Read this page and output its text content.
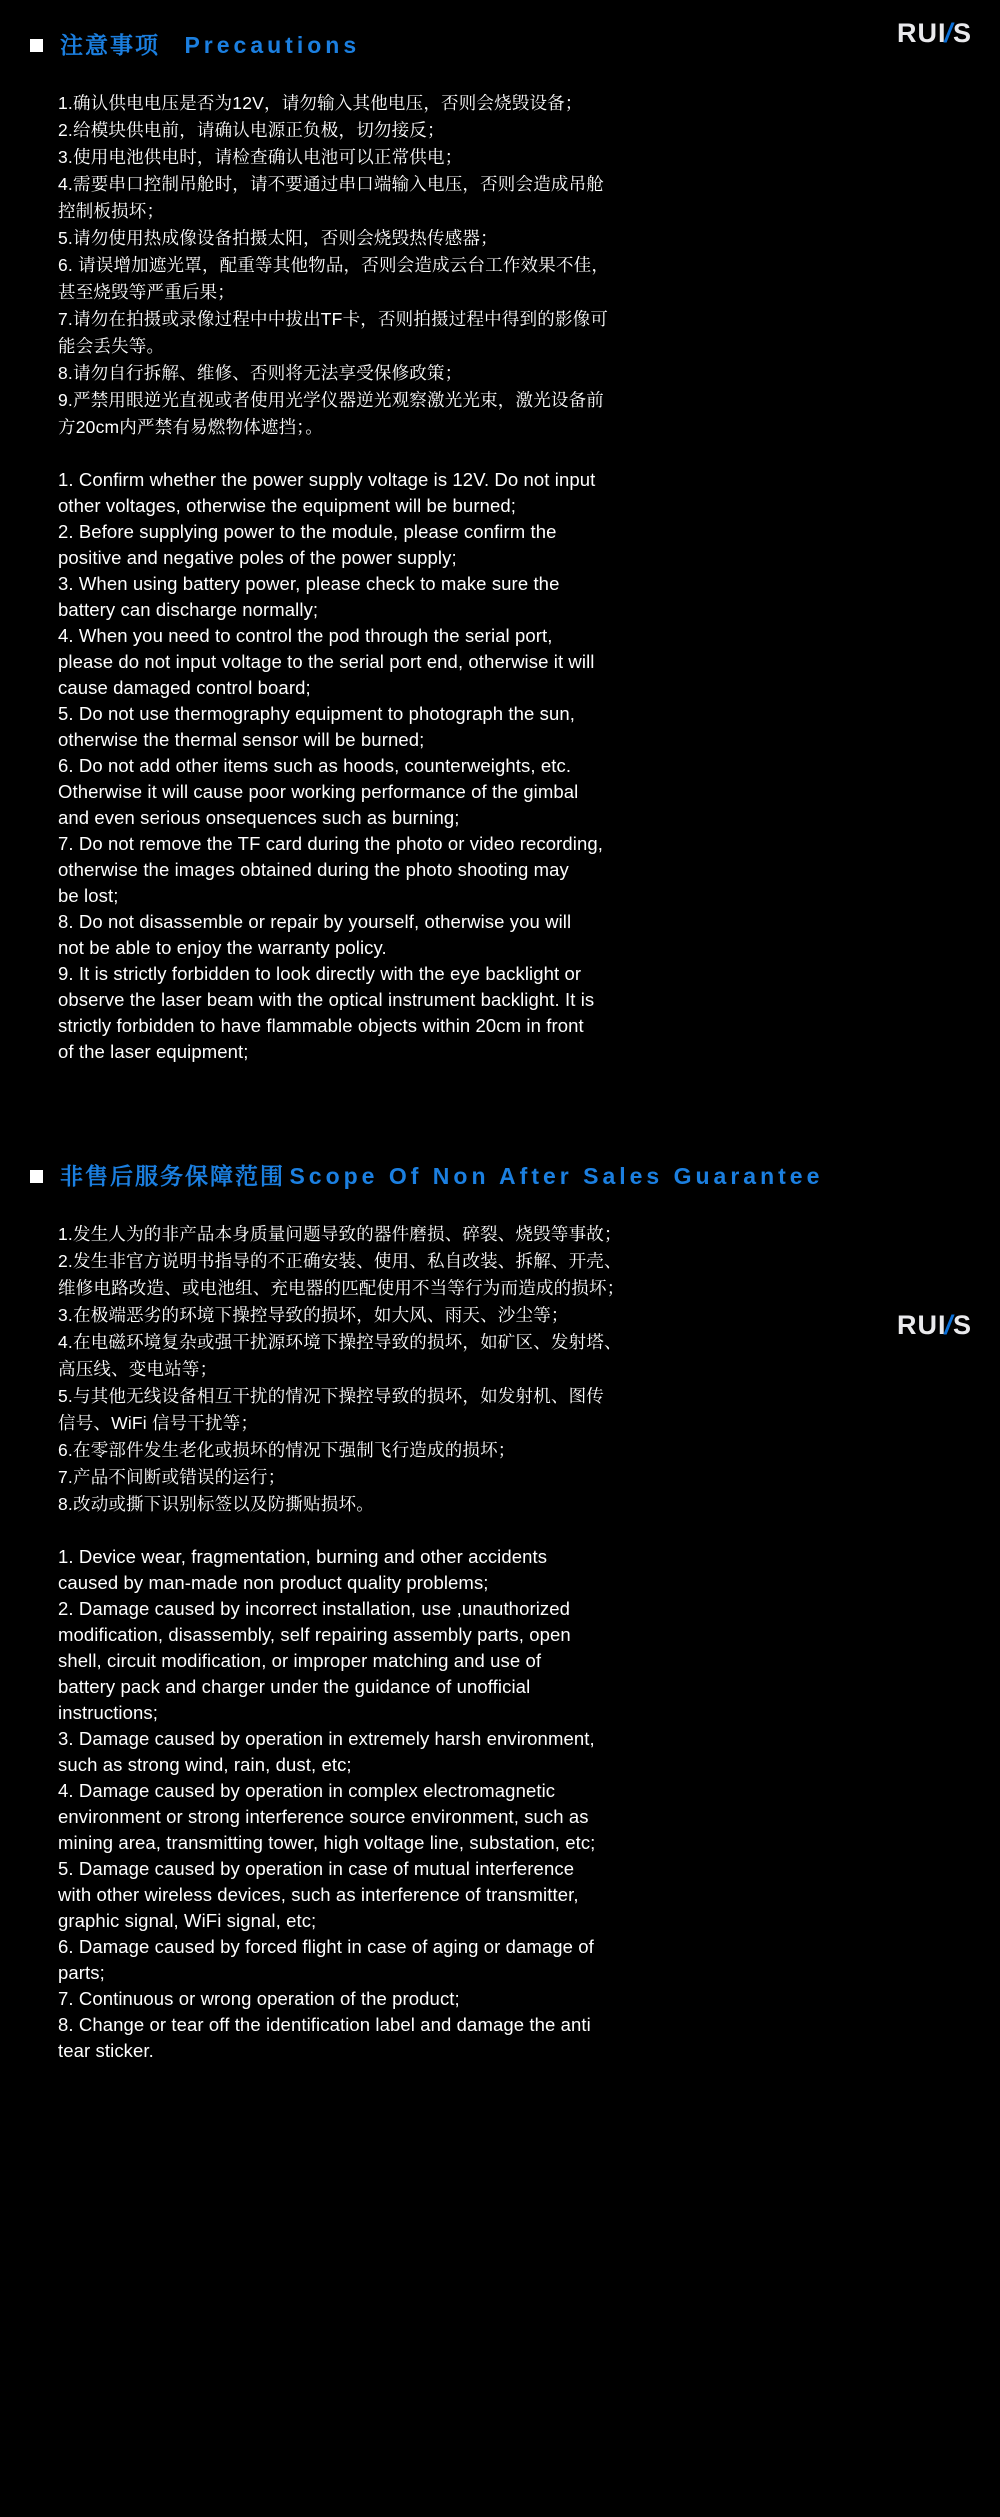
RUI/S
注意事项 Precautions
1.确认供电电压是否为12V，请勿输入其他电压，否则会烧毁设备；
2.给模块供电前，请确认电源正负极，切勿接反；
3.使用电池供电时，请检查确认电池可以正常供电；
4.需要串口控制吊舱时，请不要通过串口端输入电压，否则会造成吊舱
控制板损坏；
5.请勿使用热成像设备拍摄太阳，否则会烧毁热传感器；
6. 请误增加遮光罩，配重等其他物品，否则会造成云台工作效果不佳，
甚至烧毁等严重后果；
7.请勿在拍摄或录像过程中中拔出TF卡，否则拍摄过程中得到的影像可
能会丢失等。
8.请勿自行拆解、维修、否则将无法享受保修政策；
9.严禁用眼逆光直视或者使用光学仪器逆光观察激光光束，激光设备前
方20cm内严禁有易燃物体遮挡；。
1. Confirm whether the power supply voltage is 12V. Do not input
other voltages, otherwise the equipment will be burned;
2. Before supplying power to the module, please confirm the
positive and negative poles of the power supply;
3. When using battery power, please check to make sure the
battery can discharge normally;
4. When you need to control the pod through the serial port,
please do not input voltage to the serial port end, otherwise it will
cause damaged control board;
5. Do not use thermography equipment to photograph the sun,
otherwise the thermal sensor will be burned;
6. Do not add other items such as hoods, counterweights, etc.
Otherwise it will cause poor working performance of the gimbal
and even serious onsequences such as burning;
7. Do not remove the TF card during the photo or video recording,
otherwise the images obtained during the photo shooting may
be lost;
8. Do not disassemble or repair by yourself, otherwise you will
not be able to enjoy the warranty policy.
9. It is strictly forbidden to look directly with the eye backlight or
observe the laser beam with the optical instrument backlight. It is
strictly forbidden to have flammable objects within 20cm in front
of the laser equipment;
RUI/S
非售后服务保障范围 Scope Of Non After Sales Guarantee
1.发生人为的非产品本身质量问题导致的器件磨损、碎裂、烧毁等事故；
2.发生非官方说明书指导的不正确安装、使用、私自改装、拆解、开壳、
维修电路改造、或电池组、充电器的匹配使用不当等行为而造成的损坏；
3.在极端恶劣的环境下操控导致的损坏，如大风、雨天、沙尘等；
4.在电磁环境复杂或强干扰源环境下操控导致的损坏，如矿区、发射塔、
高压线、变电站等；
5.与其他无线设备相互干扰的情况下操控导致的损坏，如发射机、图传
信号、WiFi 信号干扰等；
6.在零部件发生老化或损坏的情况下强制飞行造成的损坏；
7.产品不间断或错误的运行；
8.改动或撕下识别标签以及防撕贴损坏。
1. Device wear, fragmentation, burning and other accidents
caused by man-made non product quality problems;
2. Damage caused by incorrect installation, use ,unauthorized
modification, disassembly, self repairing assembly parts, open
shell, circuit modification, or improper matching and use of
battery pack and charger under the guidance of unofficial
instructions;
3. Damage caused by operation in extremely harsh environment,
such as strong wind, rain, dust, etc;
4. Damage caused by operation in complex electromagnetic
environment or strong interference source environment, such as
mining area, transmitting tower, high voltage line, substation, etc;
5. Damage caused by operation in case of mutual interference
with other wireless devices, such as interference of transmitter,
graphic signal, WiFi signal, etc;
6. Damage caused by forced flight in case of aging or damage of
parts;
7. Continuous or wrong operation of the product;
8. Change or tear off the identification label and damage the anti
tear sticker.
